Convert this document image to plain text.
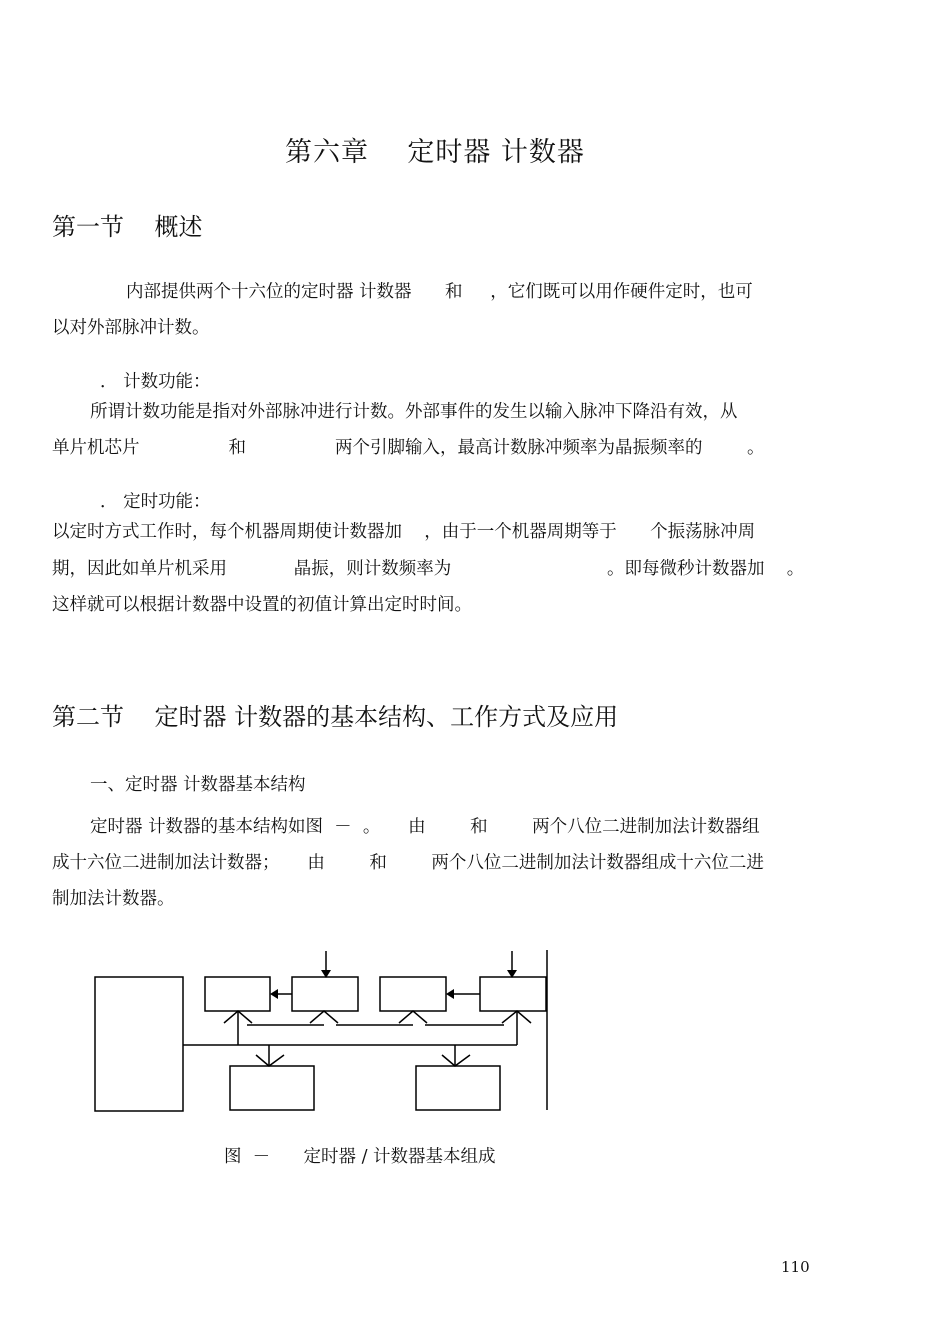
第六章    定时器 计数器
第一节    概述
内部提供两个十六位的定时器 计数器      和     ，它们既可以用作硬件定时，也可
以对外部脉冲计数。
． 计数功能：
所谓计数功能是指对外部脉冲进行计数。外部事件的发生以输入脉冲下降沿有效，从
单片机芯片                和                两个引脚输入，最高计数脉冲频率为晶振频率的        。
． 定时功能：
以定时方式工作时，每个机器周期使计数器加    ，由于一个机器周期等于      个振荡脉冲周
期，因此如单片机采用            晶振，则计数频率为                            。即每微秒计数器加    。
这样就可以根据计数器中设置的初值计算出定时时间。
第二节    定时器 计数器的基本结构、工作方式及应用
一、定时器 计数器基本结构
定时器 计数器的基本结构如图  －  。     由        和        两个八位二进制加法计数器组
成十六位二进制加法计数器；     由        和        两个八位二进制加法计数器组成十六位二进
制加法计数器。
图  －      定时器 / 计数器基本组成
110
